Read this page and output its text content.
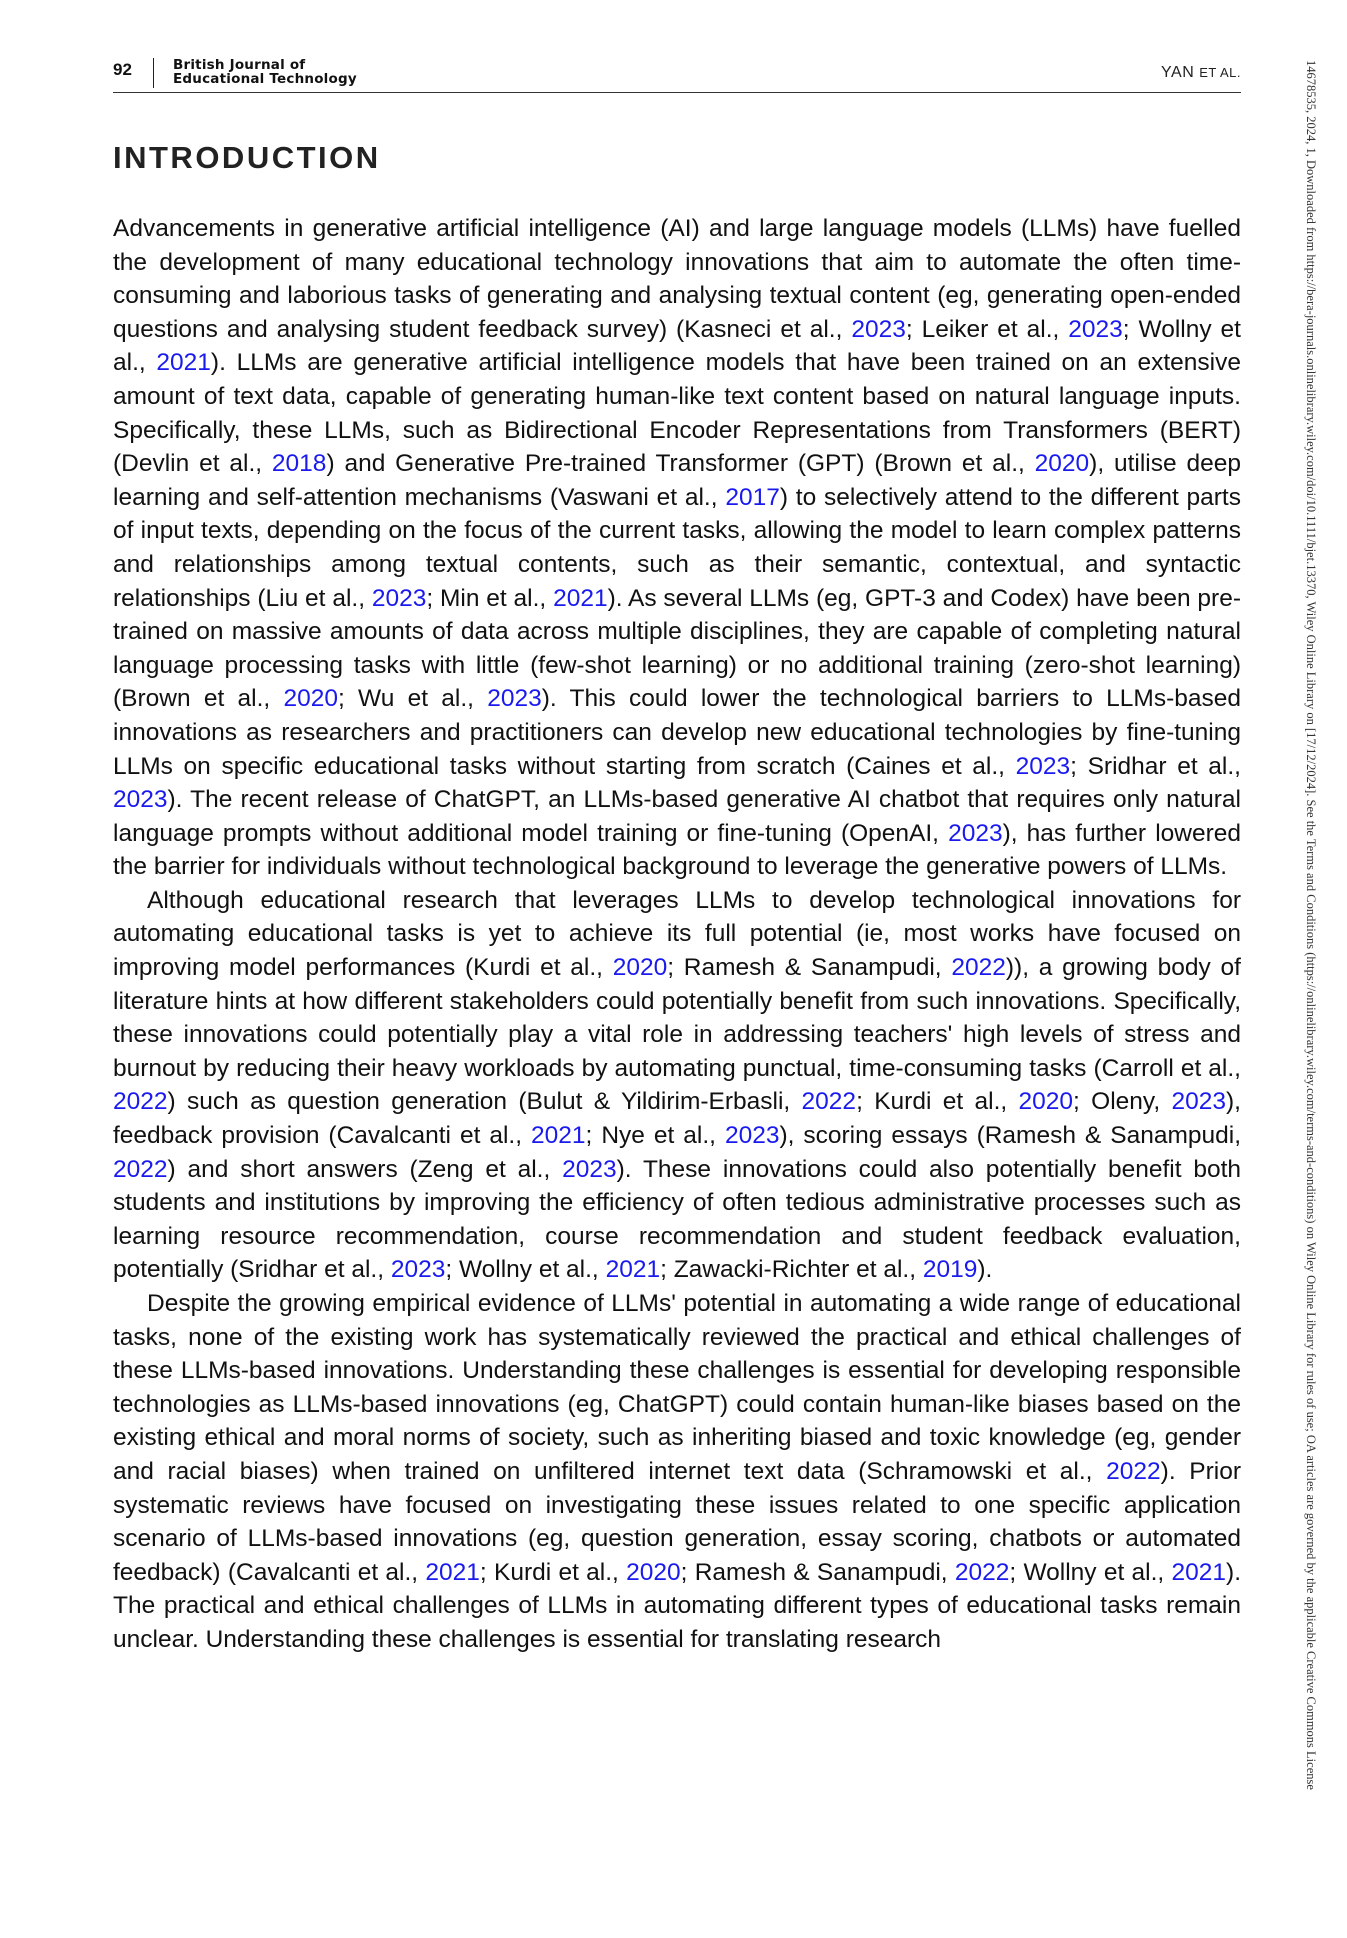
92	British Journal of
Educational Technology	YAN ET AL.
INTRODUCTION

Advancements in generative artificial intelligence (AI) and large language models (LLMs) have fuelled the development of many educational technology innovations that aim to automate the often time-consuming and laborious tasks of generating and analysing textual content (eg, generating open-ended questions and analysing student feedback survey) (Kasneci et al., 2023; Leiker et al., 2023; Wollny et al., 2021). LLMs are generative artificial intelligence models that have been trained on an extensive amount of text data, capable of generating human-like text content based on natural language inputs. Specifically, these LLMs, such as Bidirectional Encoder Representations from Transformers (BERT) (Devlin et al., 2018) and Generative Pre-trained Transformer (GPT) (Brown et al., 2020), utilise deep learning and self-attention mechanisms (Vaswani et al., 2017) to selectively attend to the different parts of input texts, depending on the focus of the current tasks, allowing the model to learn complex patterns and relationships among textual contents, such as their semantic, contextual, and syntactic relationships (Liu et al., 2023; Min et al., 2021). As several LLMs (eg, GPT-3 and Codex) have been pre-trained on massive amounts of data across multiple disciplines, they are capable of completing natural language processing tasks with little (few-shot learning) or no additional training (zero-shot learning) (Brown et al., 2020; Wu et al., 2023). This could lower the technological barriers to LLMs-based innovations as researchers and practitioners can develop new educational technologies by fine-tuning LLMs on specific educational tasks without starting from scratch (Caines et al., 2023; Sridhar et al., 2023). The recent release of ChatGPT, an LLMs-based generative AI chatbot that requires only natural language prompts without additional model training or fine-tuning (OpenAI, 2023), has further lowered the barrier for individuals without technological background to leverage the generative powers of LLMs.

Although educational research that leverages LLMs to develop technological innovations for automating educational tasks is yet to achieve its full potential (ie, most works have focused on improving model performances (Kurdi et al., 2020; Ramesh & Sanampudi, 2022)), a growing body of literature hints at how different stakeholders could potentially benefit from such innovations. Specifically, these innovations could potentially play a vital role in addressing teachers' high levels of stress and burnout by reducing their heavy workloads by automating punctual, time-consuming tasks (Carroll et al., 2022) such as question generation (Bulut & Yildirim-Erbasli, 2022; Kurdi et al., 2020; Oleny, 2023), feedback provision (Cavalcanti et al., 2021; Nye et al., 2023), scoring essays (Ramesh & Sanampudi, 2022) and short answers (Zeng et al., 2023). These innovations could also potentially benefit both students and institutions by improving the efficiency of often tedious administrative processes such as learning resource recommendation, course recommendation and student feedback evaluation, potentially (Sridhar et al., 2023; Wollny et al., 2021; Zawacki-Richter et al., 2019).

Despite the growing empirical evidence of LLMs' potential in automating a wide range of educational tasks, none of the existing work has systematically reviewed the practical and ethical challenges of these LLMs-based innovations. Understanding these challenges is essential for developing responsible technologies as LLMs-based innovations (eg, ChatGPT) could contain human-like biases based on the existing ethical and moral norms of society, such as inheriting biased and toxic knowledge (eg, gender and racial biases) when trained on unfiltered internet text data (Schramowski et al., 2022). Prior systematic reviews have focused on investigating these issues related to one specific application scenario of LLMs-based innovations (eg, question generation, essay scoring, chatbots or automated feedback) (Cavalcanti et al., 2021; Kurdi et al., 2020; Ramesh & Sanampudi, 2022; Wollny et al., 2021). The practical and ethical challenges of LLMs in automating different types of educational tasks remain unclear. Understanding these challenges is essential for translating research	14678535, 2024, 1, Downloaded from https://bera-journals.onlinelibrary.wiley.com/doi/10.1111/bjet.13370, Wiley Online Library on [17/12/2024]. See the Terms and Conditions (https://onlinelibrary.wiley.com/terms-and-conditions) on Wiley Online Library for rules of use; OA articles are governed by the applicable Creative Commons License
